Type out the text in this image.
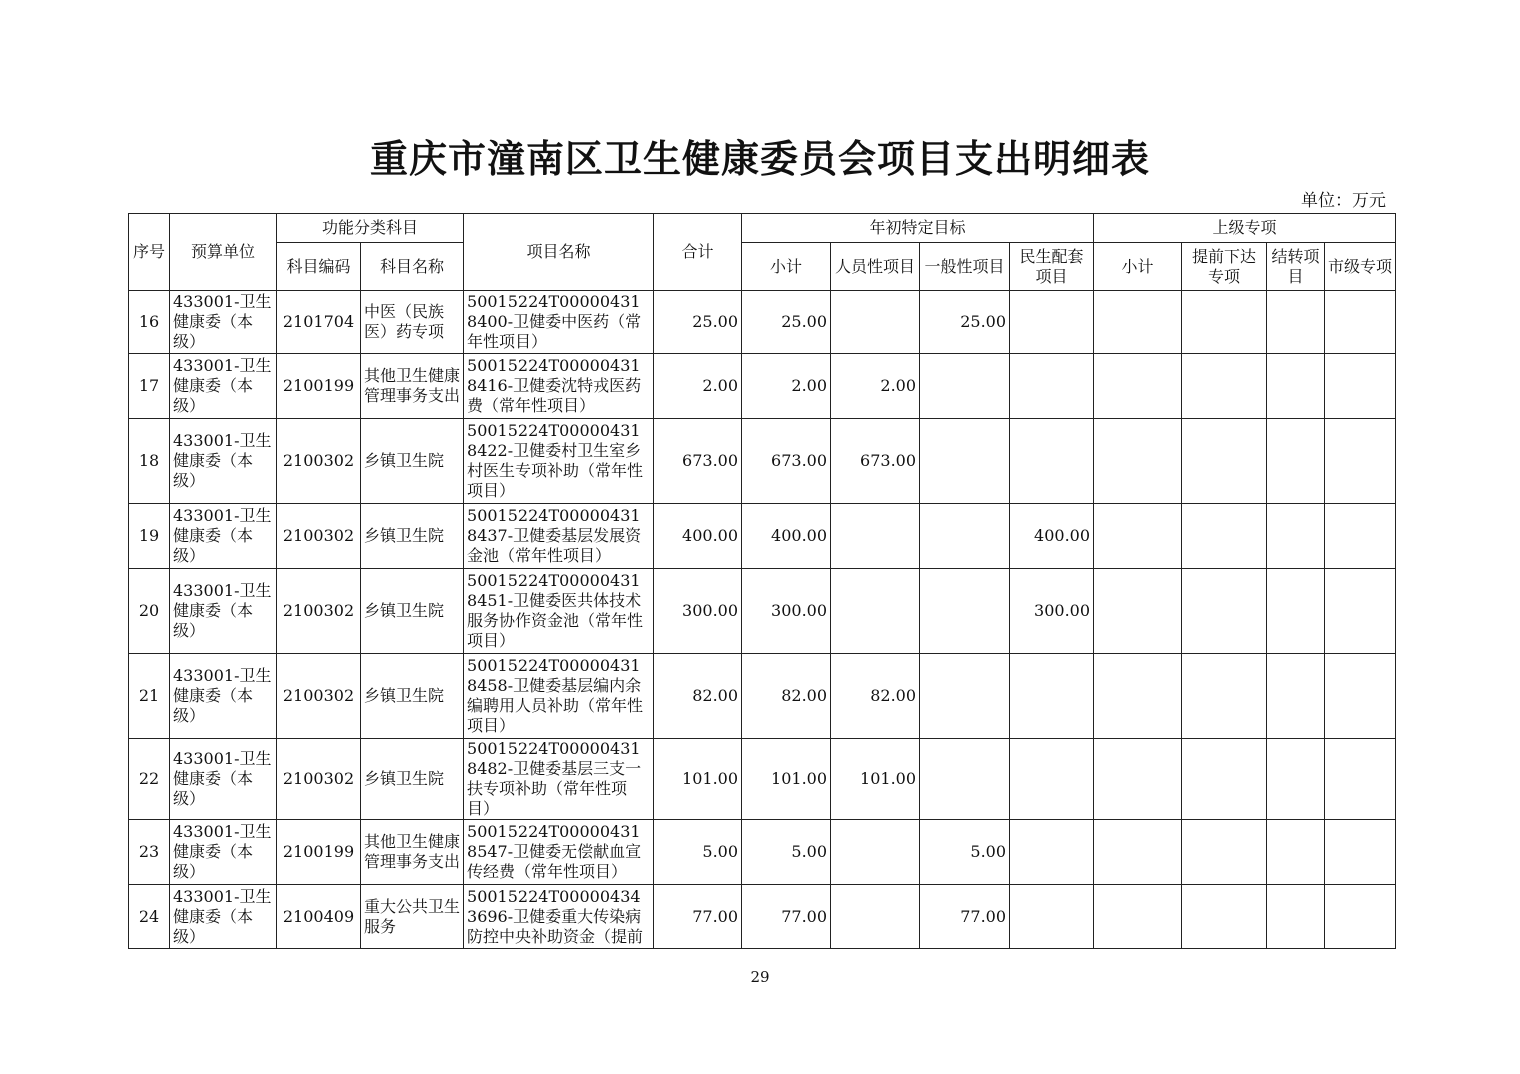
重庆市潼南区卫生健康委员会项目支出明细表
单位：万元
序号	预算单位	功能分类科目		项目名称	合计	年初特定目标				上级专项			
		科目编码	科目名称			小计	人员性项目	一般性项目	民生配套项目	小计	提前下达专项	结转项目	市级专项
16	433001-卫生健康委（本级）	2101704	中医（民族医）药专项	50015224T000004318400-卫健委中医药（常年性项目）	25.00	25.00		25.00					
17	433001-卫生健康委（本级）	2100199	其他卫生健康管理事务支出	50015224T000004318416-卫健委沈特戎医药费（常年性项目）	2.00	2.00	2.00						
18	433001-卫生健康委（本级）	2100302	乡镇卫生院	50015224T000004318422-卫健委村卫生室乡村医生专项补助（常年性项目）	673.00	673.00	673.00						
19	433001-卫生健康委（本级）	2100302	乡镇卫生院	50015224T000004318437-卫健委基层发展资金池（常年性项目）	400.00	400.00			400.00				
20	433001-卫生健康委（本级）	2100302	乡镇卫生院	50015224T000004318451-卫健委医共体技术服务协作资金池（常年性项目）	300.00	300.00			300.00				
21	433001-卫生健康委（本级）	2100302	乡镇卫生院	50015224T000004318458-卫健委基层编内余编聘用人员补助（常年性项目）	82.00	82.00	82.00						
22	433001-卫生健康委（本级）	2100302	乡镇卫生院	50015224T000004318482-卫健委基层三支一扶专项补助（常年性项目）	101.00	101.00	101.00						
23	433001-卫生健康委（本级）	2100199	其他卫生健康管理事务支出	50015224T000004318547-卫健委无偿献血宣传经费（常年性项目）	5.00	5.00		5.00					
24	433001-卫生健康委（本级）	2100409	重大公共卫生服务	50015224T000004343696-卫健委重大传染病防控中央补助资金（提前	77.00	77.00		77.00					
29
